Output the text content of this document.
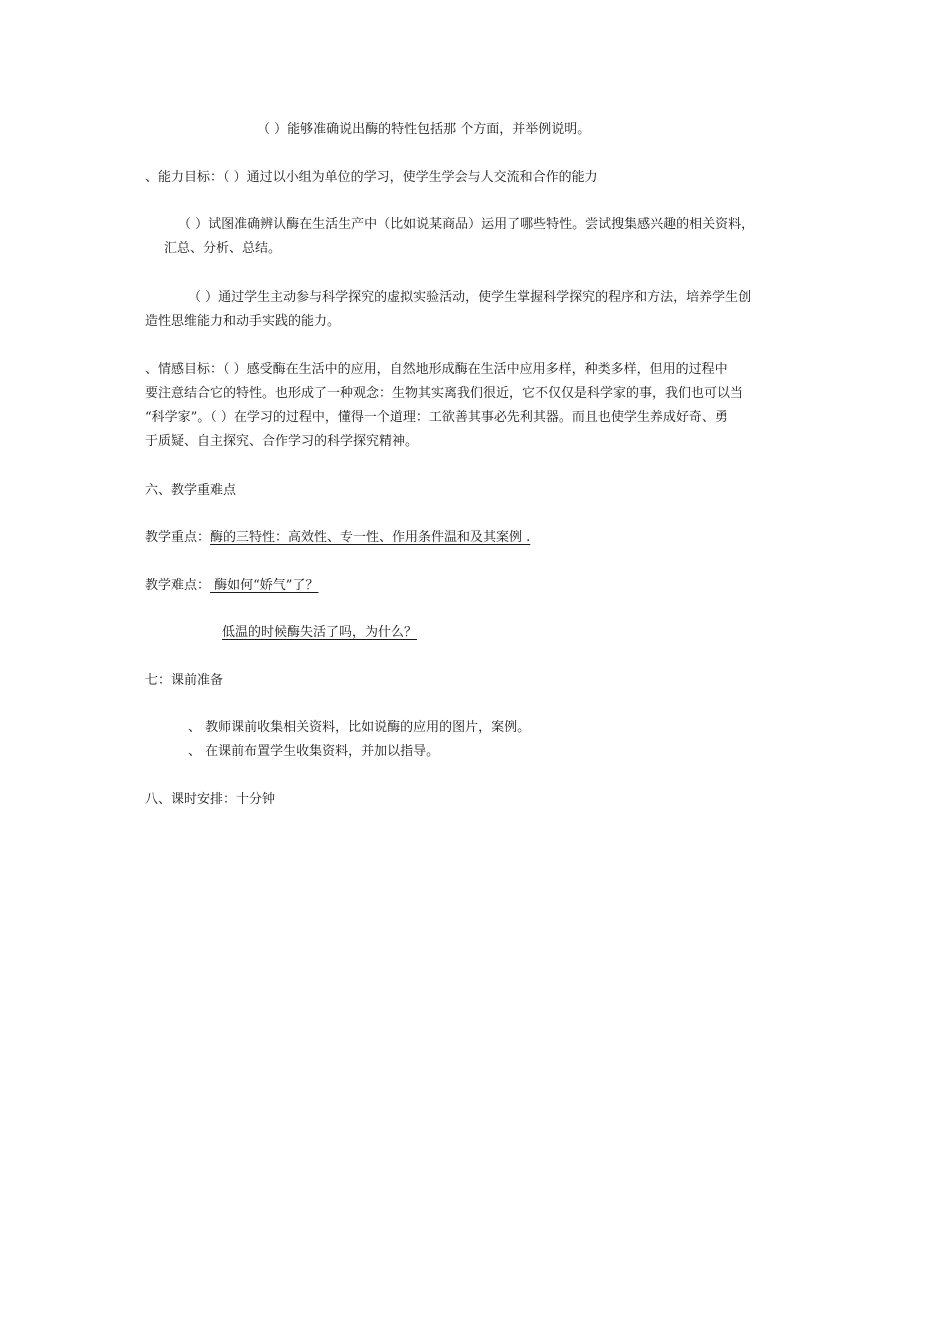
（ ）能够准确说出酶的特性包括那 个方面，并举例说明。

、能力目标：（ ）通过以小组为单位的学习，使学生学会与人交流和合作的能力

（ ）试图准确辨认酶在生活生产中（比如说某商品）运用了哪些特性。尝试搜集感兴趣的相关资料，

汇总、分析、总结。

（ ）通过学生主动参与科学探究的虚拟实验活动，使学生掌握科学探究的程序和方法，培养学生创

造性思维能力和动手实践的能力。

、情感目标：（ ）感受酶在生活中的应用，自然地形成酶在生活中应用多样，种类多样，但用的过程中

要注意结合它的特性。也形成了一种观念：生物其实离我们很近，它不仅仅是科学家的事，我们也可以当

“科学家”。（ ）在学习的过程中，懂得一个道理：工欲善其事必先利其器。而且也使学生养成好奇、勇

于质疑、自主探究、合作学习的科学探究精神。

六、教学重难点

教学重点：酶的三特性：高效性、专一性、作用条件温和及其案例 .

教学难点： 酶如何“娇气”了？

低温的时候酶失活了吗，为什么？

七：课前准备

、 教师课前收集相关资料，比如说酶的应用的图片，案例。

、 在课前布置学生收集资料，并加以指导。

八、课时安排：十分钟
